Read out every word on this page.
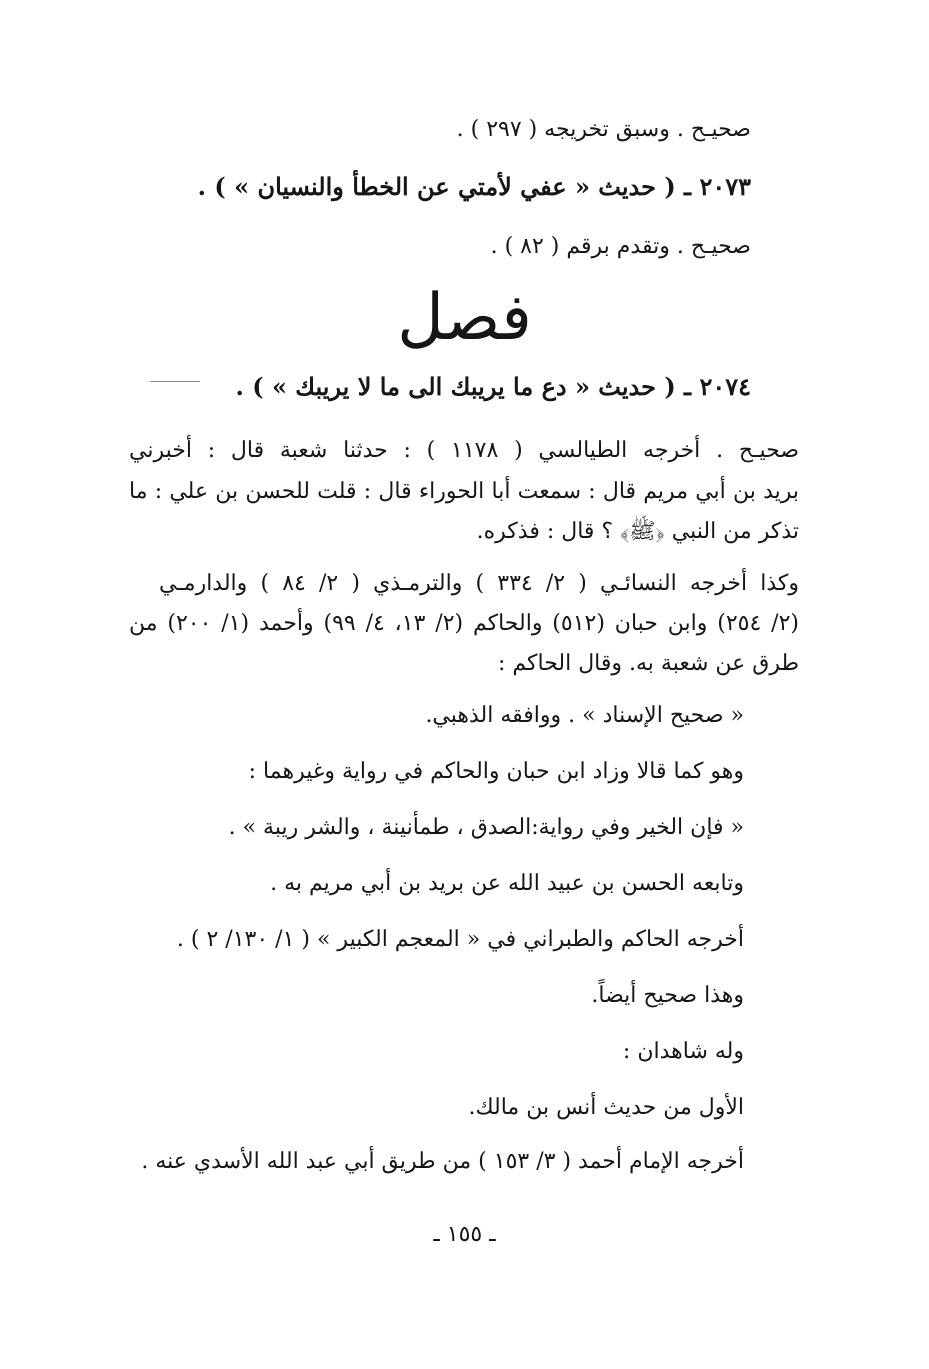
صحيـح . وسبق تخريجه ( ٢٩٧ ) .
٢٠٧٣ ـ ( حديث « عفي لأمتي عن الخطأ والنسيان » ) .
صحيـح . وتقدم برقم ( ٨٢ ) .
فصل
٢٠٧٤ ـ ( حديث « دع ما يريبك الى ما لا يريبك » ) .
صحيـح . أخرجه الطيالسي ( ١١٧٨ ) : حدثنا شعبة قال : أخبرني
بريد بن أبي مريم قال : سمعت أبا الحوراء قال : قلت للحسن بن علي : ما
تذكر من النبي ﴿ﷺ﴾ ؟ قال : فذكره.
وكذا أخرجه النسائـي ( ٢/ ٣٣٤ ) والترمـذي ( ٢/ ٨٤ ) والدارمـي
(٢/ ٢٥٤) وابن حبان (٥١٢) والحاكم (٢/ ١٣، ٤/ ٩٩) وأحمد (١/ ٢٠٠) من
طرق عن شعبة به. وقال الحاكم :
« صحيح الإسناد » . ووافقه الذهبي.
وهو كما قالا وزاد ابن حبان والحاكم في رواية وغيرهما :
« فإن الخير وفي رواية:الصدق ، طمأنينة ، والشر ريبة » .
وتابعه الحسن بن عبيد الله عن بريد بن أبي مريم به .
أخرجه الحاكم والطبراني في « المعجم الكبير » ( ١/ ١٣٠/ ٢ ) .
وهذا صحيح أيضاً.
وله شاهدان :
الأول من حديث أنس بن مالك.
أخرجه الإمام أحمد ( ٣/ ١٥٣ ) من طريق أبي عبد الله الأسدي عنه .
ـ ١٥٥ ـ
